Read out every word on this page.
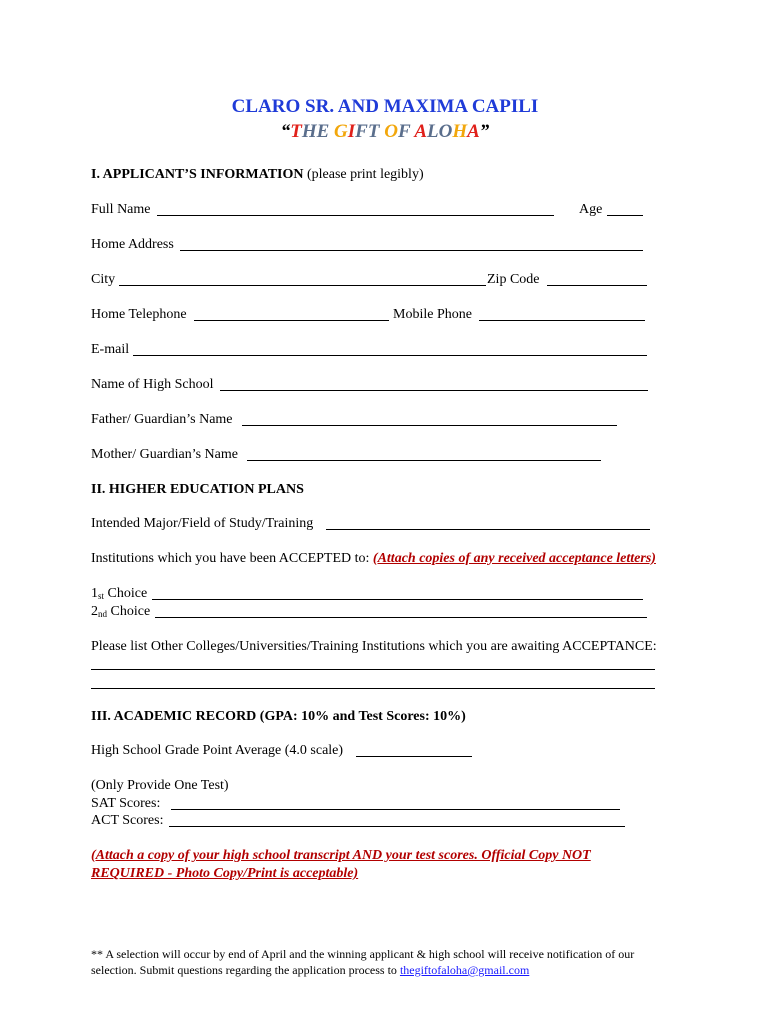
CLARO SR. AND MAXIMA CAPILI
“THE GIFT OF ALOHA”
I. APPLICANT’S INFORMATION (please print legibly)
Full Name	Age
Home Address
City	Zip Code
Home Telephone	Mobile Phone
E-mail
Name of High School
Father/ Guardian’s Name
Mother/ Guardian’s Name
II. HIGHER EDUCATION PLANS
Intended Major/Field of Study/Training
Institutions which you have been ACCEPTED to: (Attach copies of any received acceptance letters)
1st Choice
2nd Choice
Please list Other Colleges/Universities/Training Institutions which you are awaiting ACCEPTANCE:
III. ACADEMIC RECORD (GPA: 10% and Test Scores: 10%)
High School Grade Point Average (4.0 scale)
(Only Provide One Test)
SAT Scores:
ACT Scores:
(Attach a copy of your high school transcript AND your test scores. Official Copy NOT
REQUIRED - Photo Copy/Print is acceptable)
** A selection will occur by end of April and the winning applicant & high school will receive notification of our
selection. Submit questions regarding the application process to thegiftofaloha@gmail.com
